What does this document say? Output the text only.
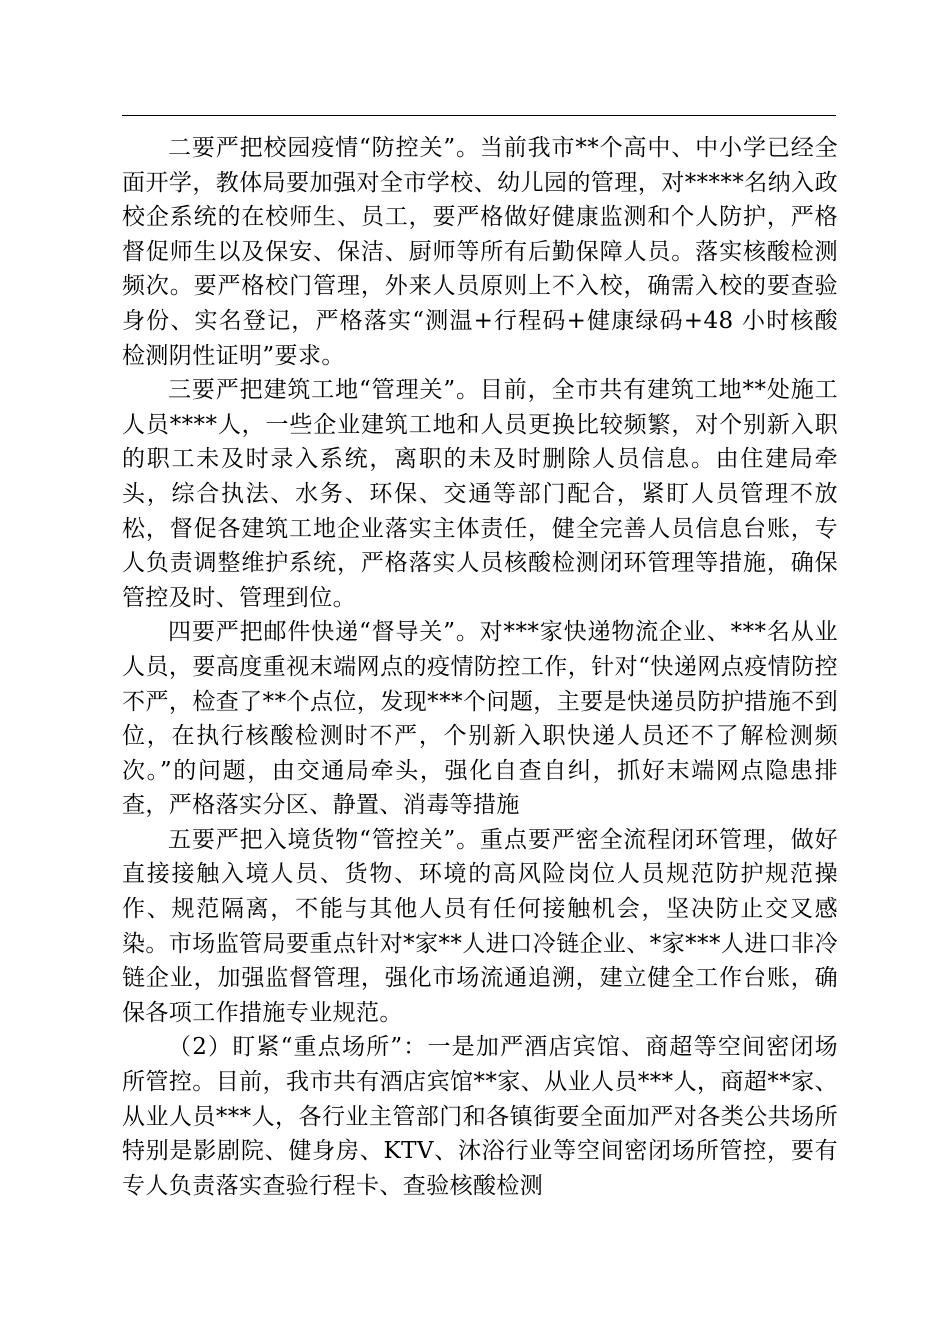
二要严把校园疫情“防控关”。当前我市**个高中、中小学已经全面开学，教体局要加强对全市学校、幼儿园的管理，对*****名纳入政校企系统的在校师生、员工，要严格做好健康监测和个人防护，严格督促师生以及保安、保洁、厨师等所有后勤保障人员。落实核酸检测频次。要严格校门管理，外来人员原则上不入校，确需入校的要查验身份、实名登记，严格落实“测温+行程码+健康绿码+48 小时核酸检测阴性证明”要求。

三要严把建筑工地“管理关”。目前，全市共有建筑工地**处施工人员****人，一些企业建筑工地和人员更换比较频繁，对个别新入职的职工未及时录入系统，离职的未及时删除人员信息。由住建局牵头，综合执法、水务、环保、交通等部门配合，紧盯人员管理不放松，督促各建筑工地企业落实主体责任，健全完善人员信息台账，专人负责调整维护系统，严格落实人员核酸检测闭环管理等措施，确保管控及时、管理到位。

四要严把邮件快递“督导关”。对***家快递物流企业、***名从业人员，要高度重视末端网点的疫情防控工作，针对“快递网点疫情防控不严，检查了**个点位，发现***个问题，主要是快递员防护措施不到位，在执行核酸检测时不严，个别新入职快递人员还不了解检测频次。”的问题，由交通局牵头，强化自查自纠，抓好末端网点隐患排查，严格落实分区、静置、消毒等措施

五要严把入境货物“管控关”。重点要严密全流程闭环管理，做好直接接触入境人员、货物、环境的高风险岗位人员规范防护规范操作、规范隔离，不能与其他人员有任何接触机会，坚决防止交叉感染。市场监管局要重点针对*家**人进口冷链企业、*家***人进口非冷链企业，加强监督管理，强化市场流通追溯，建立健全工作台账，确保各项工作措施专业规范。

（2）盯紧“重点场所”：一是加严酒店宾馆、商超等空间密闭场所管控。目前，我市共有酒店宾馆**家、从业人员***人，商超**家、从业人员***人，各行业主管部门和各镇街要全面加严对各类公共场所特别是影剧院、健身房、KTV、沐浴行业等空间密闭场所管控，要有专人负责落实查验行程卡、查验核酸检测
